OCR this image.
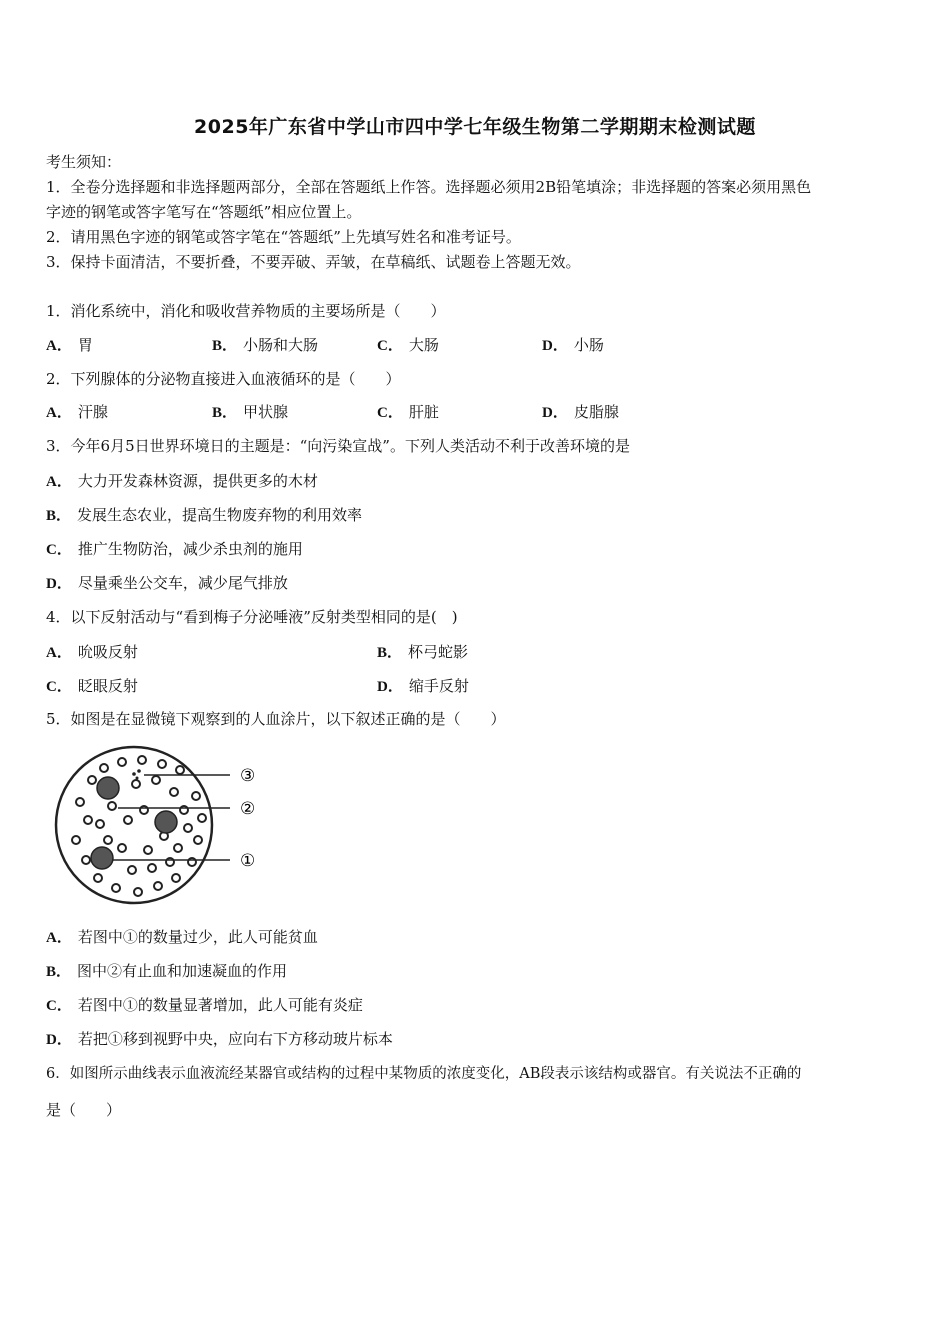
2025年广东省中学山市四中学七年级生物第二学期期末检测试题
考生须知：
1．全卷分选择题和非选择题两部分，全部在答题纸上作答。选择题必须用2B铅笔填涂；非选择题的答案必须用黑色
字迹的钢笔或答字笔写在“答题纸”相应位置上。
2．请用黑色字迹的钢笔或答字笔在“答题纸”上先填写姓名和准考证号。
3．保持卡面清洁，不要折叠，不要弄破、弄皱，在草稿纸、试题卷上答题无效。
1．消化系统中，消化和吸收营养物质的主要场所是（　　）
A． 胃	B． 小肠和大肠	C． 大肠	D． 小肠
2．下列腺体的分泌物直接进入血液循环的是（　　）
A． 汗腺	B． 甲状腺	C． 肝脏	D． 皮脂腺
3．今年6月5日世界环境日的主题是：“向污染宣战”。下列人类活动不利于改善环境的是
A． 大力开发森林资源，提供更多的木材
B． 发展生态农业，提高生物废弃物的利用效率
C． 推广生物防治，减少杀虫剂的施用
D． 尽量乘坐公交车，减少尾气排放
4．以下反射活动与“看到梅子分泌唾液”反射类型相同的是(　)
A． 吮吸反射	B． 杯弓蛇影
C． 眨眼反射	D． 缩手反射
5．如图是在显微镜下观察到的人血涂片，以下叙述正确的是（　　）
③
②
①
A． 若图中①的数量过少，此人可能贫血
B． 图中②有止血和加速凝血的作用
C． 若图中①的数量显著增加，此人可能有炎症
D． 若把①移到视野中央，应向右下方移动玻片标本
6．如图所示曲线表示血液流经某器官或结构的过程中某物质的浓度变化，AB段表示该结构或器官。有关说法不正确的
是（　　）
